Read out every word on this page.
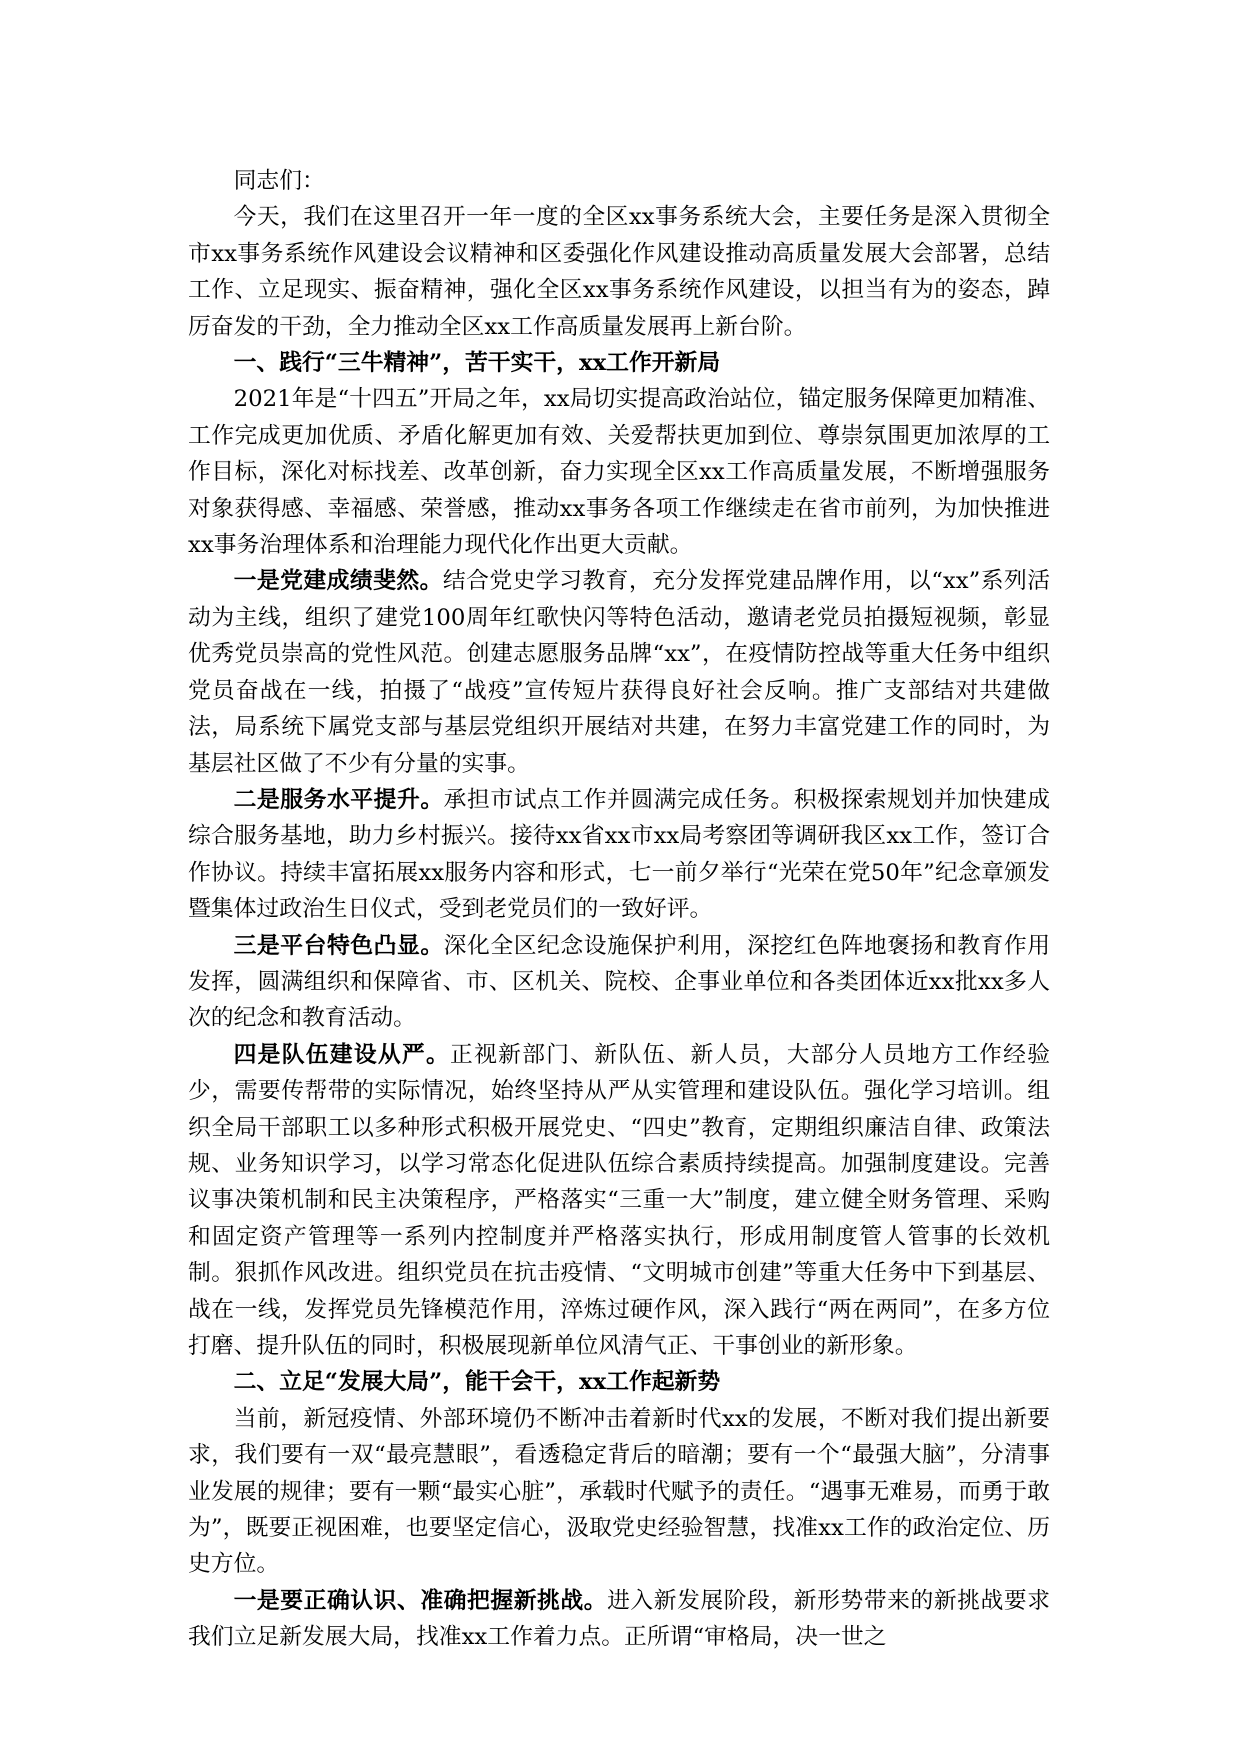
同志们：

今天，我们在这里召开一年一度的全区xx事务系统大会，主要任务是深入贯彻全市xx事务系统作风建设会议精神和区委强化作风建设推动高质量发展大会部署，总结工作、立足现实、振奋精神，强化全区xx事务系统作风建设，以担当有为的姿态，踔厉奋发的干劲，全力推动全区xx工作高质量发展再上新台阶。

一、践行“三牛精神”，苦干实干，xx工作开新局

2021年是“十四五”开局之年，xx局切实提高政治站位，锚定服务保障更加精准、工作完成更加优质、矛盾化解更加有效、关爱帮扶更加到位、尊崇氛围更加浓厚的工作目标，深化对标找差、改革创新，奋力实现全区xx工作高质量发展，不断增强服务对象获得感、幸福感、荣誉感，推动xx事务各项工作继续走在省市前列，为加快推进xx事务治理体系和治理能力现代化作出更大贡献。

一是党建成绩斐然。结合党史学习教育，充分发挥党建品牌作用，以“xx”系列活动为主线，组织了建党100周年红歌快闪等特色活动，邀请老党员拍摄短视频，彰显优秀党员崇高的党性风范。创建志愿服务品牌“xx”，在疫情防控战等重大任务中组织党员奋战在一线，拍摄了“战疫”宣传短片获得良好社会反响。推广支部结对共建做法，局系统下属党支部与基层党组织开展结对共建，在努力丰富党建工作的同时，为基层社区做了不少有分量的实事。

二是服务水平提升。承担市试点工作并圆满完成任务。积极探索规划并加快建成综合服务基地，助力乡村振兴。接待xx省xx市xx局考察团等调研我区xx工作，签订合作协议。持续丰富拓展xx服务内容和形式，七一前夕举行“光荣在党50年”纪念章颁发暨集体过政治生日仪式，受到老党员们的一致好评。

三是平台特色凸显。深化全区纪念设施保护利用，深挖红色阵地褒扬和教育作用发挥，圆满组织和保障省、市、区机关、院校、企事业单位和各类团体近xx批xx多人次的纪念和教育活动。

四是队伍建设从严。正视新部门、新队伍、新人员，大部分人员地方工作经验少，需要传帮带的实际情况，始终坚持从严从实管理和建设队伍。强化学习培训。组织全局干部职工以多种形式积极开展党史、“四史”教育，定期组织廉洁自律、政策法规、业务知识学习，以学习常态化促进队伍综合素质持续提高。加强制度建设。完善议事决策机制和民主决策程序，严格落实“三重一大”制度，建立健全财务管理、采购和固定资产管理等一系列内控制度并严格落实执行，形成用制度管人管事的长效机制。狠抓作风改进。组织党员在抗击疫情、“文明城市创建”等重大任务中下到基层、战在一线，发挥党员先锋模范作用，淬炼过硬作风，深入践行“两在两同”，在多方位打磨、提升队伍的同时，积极展现新单位风清气正、干事创业的新形象。

二、立足“发展大局”，能干会干，xx工作起新势

当前，新冠疫情、外部环境仍不断冲击着新时代xx的发展，不断对我们提出新要求，我们要有一双“最亮慧眼”，看透稳定背后的暗潮；要有一个“最强大脑”，分清事业发展的规律；要有一颗“最实心脏”，承载时代赋予的责任。“遇事无难易，而勇于敢为”，既要正视困难，也要坚定信心，汲取党史经验智慧，找准xx工作的政治定位、历史方位。

一是要正确认识、准确把握新挑战。进入新发展阶段，新形势带来的新挑战要求我们立足新发展大局，找准xx工作着力点。正所谓“审格局，决一世之
